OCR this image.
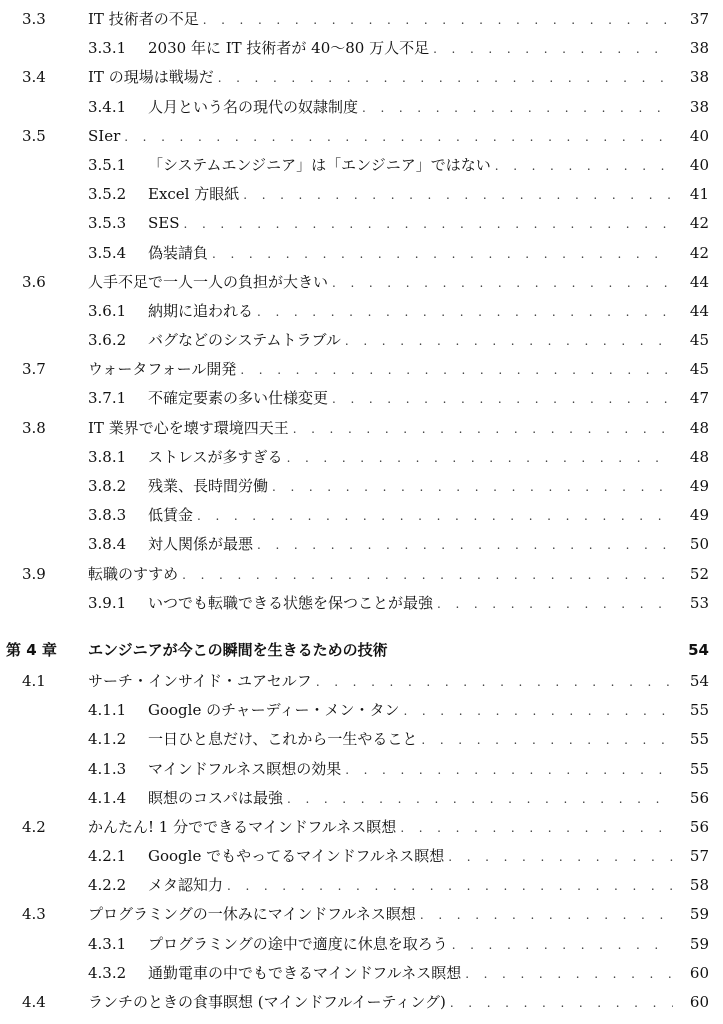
3.3	IT 技術者の不足 . . .	37
3.3.1 2030 年に IT 技術者が 40〜80 万人不足 . . .	38
3.4	IT の現場は戦場だ . . .	38
3.4.1 人月という名の現代の奴隷制度 . . .	38
3.5	SIer . . .	40
3.5.1 「システムエンジニア」は「エンジニア」ではない . . .	40
3.5.2 Excel 方眼紙 . . .	41
3.5.3 SES . . .	42
3.5.4 偽装請負 . . .	42
3.6	人手不足で一人一人の負担が大きい . . .	44
3.6.1 納期に追われる . . .	44
3.6.2 バグなどのシステムトラブル . . .	45
3.7	ウォータフォール開発 . . .	45
3.7.1 不確定要素の多い仕様変更 . . .	47
3.8	IT 業界で心を壊す環境四天王 . . .	48
3.8.1 ストレスが多すぎる . . .	48
3.8.2 残業、長時間労働 . . .	49
3.8.3 低賃金 . . .	49
3.8.4 対人関係が最悪 . . .	50
3.9	転職のすすめ . . .	52
3.9.1 いつでも転職できる状態を保つことが最強 . . .	53
第 4 章 エンジニアが今この瞬間を生きるための技術	54
4.1	サーチ・インサイド・ユアセルフ . . .	54
4.1.1 Google のチャーディー・メン・タン . . .	55
4.1.2 一日ひと息だけ、これから一生やること . . .	55
4.1.3 マインドフルネス瞑想の効果 . . .	55
4.1.4 瞑想のコスパは最強 . . .	56
4.2	かんたん! 1 分でできるマインドフルネス瞑想 . . .	56
4.2.1 Google でもやってるマインドフルネス瞑想 . . .	57
4.2.2 メタ認知力 . . .	58
4.3	プログラミングの一休みにマインドフルネス瞑想 . . .	59
4.3.1 プログラミングの途中で適度に休息を取ろう . . .	59
4.3.2 通勤電車の中でもできるマインドフルネス瞑想 . . .	60
4.4	ランチのときの食事瞑想 (マインドフルイーティング) . . .	60
